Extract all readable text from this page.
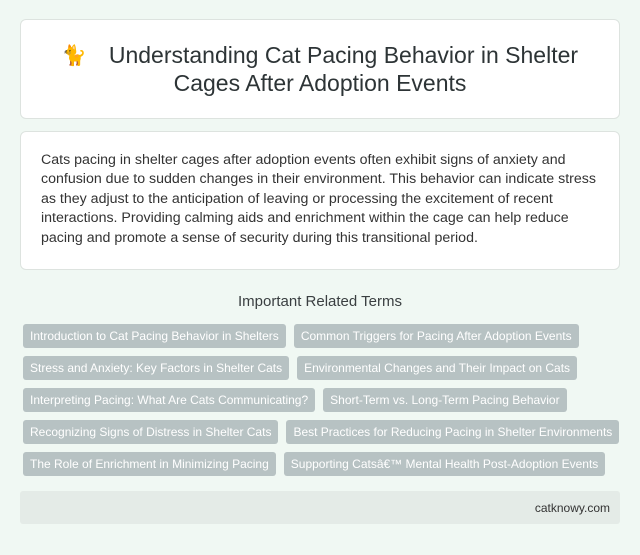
🐈 Understanding Cat Pacing Behavior in Shelter Cages After Adoption Events

Cats pacing in shelter cages after adoption events often exhibit signs of anxiety and confusion due to sudden changes in their environment. This behavior can indicate stress as they adjust to the anticipation of leaving or processing the excitement of recent interactions. Providing calming aids and enrichment within the cage can help reduce pacing and promote a sense of security during this transitional period.

Important Related Terms
Introduction to Cat Pacing Behavior in Shelters	Common Triggers for Pacing After Adoption Events
Stress and Anxiety: Key Factors in Shelter Cats	Environmental Changes and Their Impact on Cats
Interpreting Pacing: What Are Cats Communicating?	Short-Term vs. Long-Term Pacing Behavior
Recognizing Signs of Distress in Shelter Cats	Best Practices for Reducing Pacing in Shelter Environments
The Role of Enrichment in Minimizing Pacing	Supporting Catsâ€™ Mental Health Post-Adoption Events
catknowy.com
